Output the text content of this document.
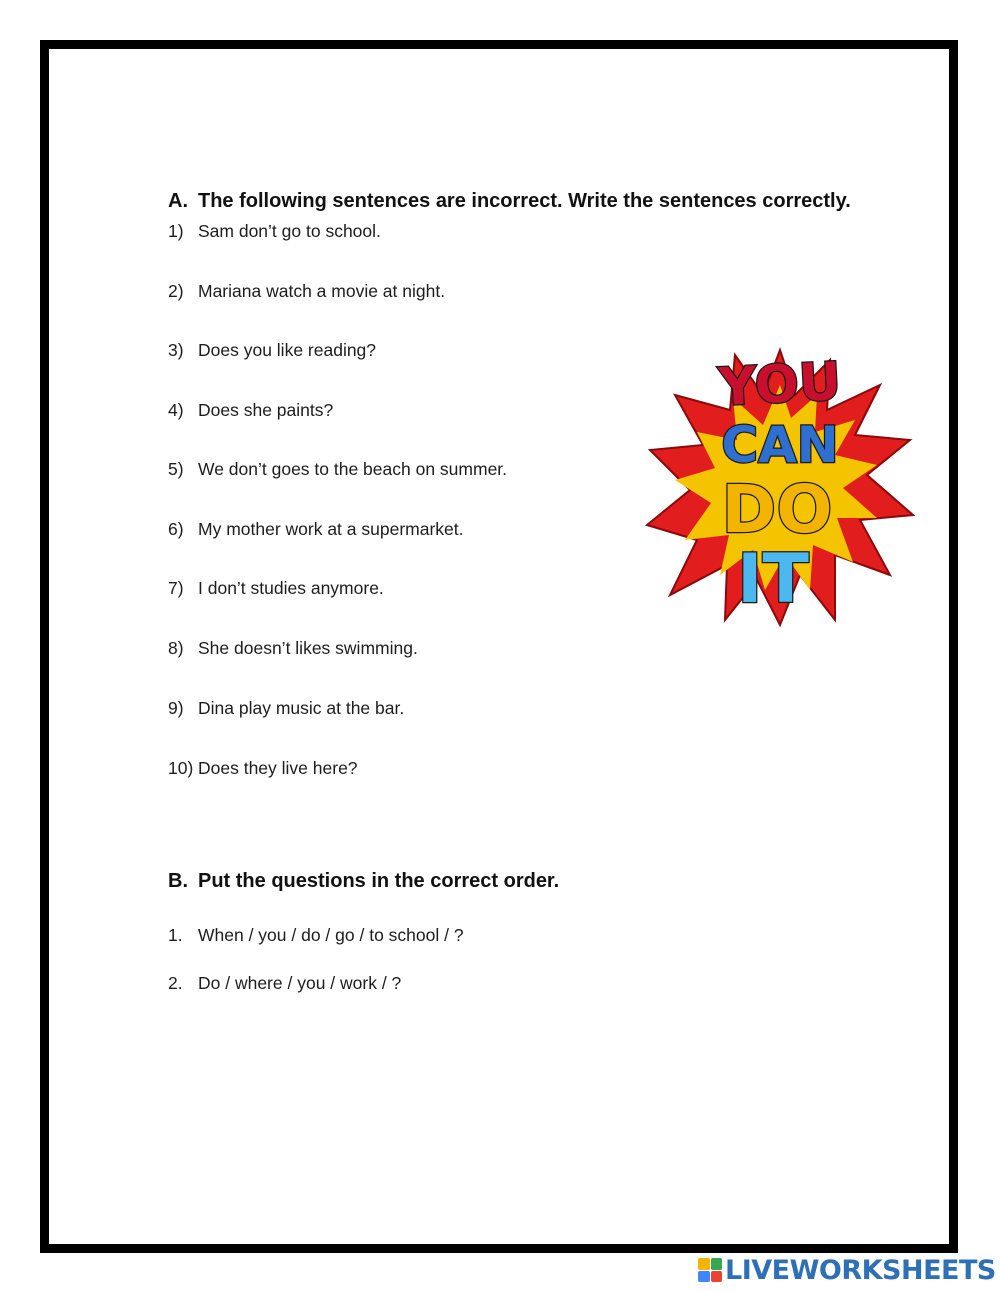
A. The following sentences are incorrect. Write the sentences correctly.
1) Sam don’t go to school.
2) Mariana watch a movie at night.
3) Does you like reading?
4) Does she paints?
5) We don’t goes to the beach on summer.
6) My mother work at a supermarket.
7) I don’t studies anymore.
8) She doesn’t likes swimming.
9) Dina play music at the bar.
10) Does they live here?
B. Put the questions in the correct order.
1. When / you / do / go / to school / ?
2. Do / where / you / work / ?
YOU
CAN
DO
IT
LIVEWORKSHEETS
